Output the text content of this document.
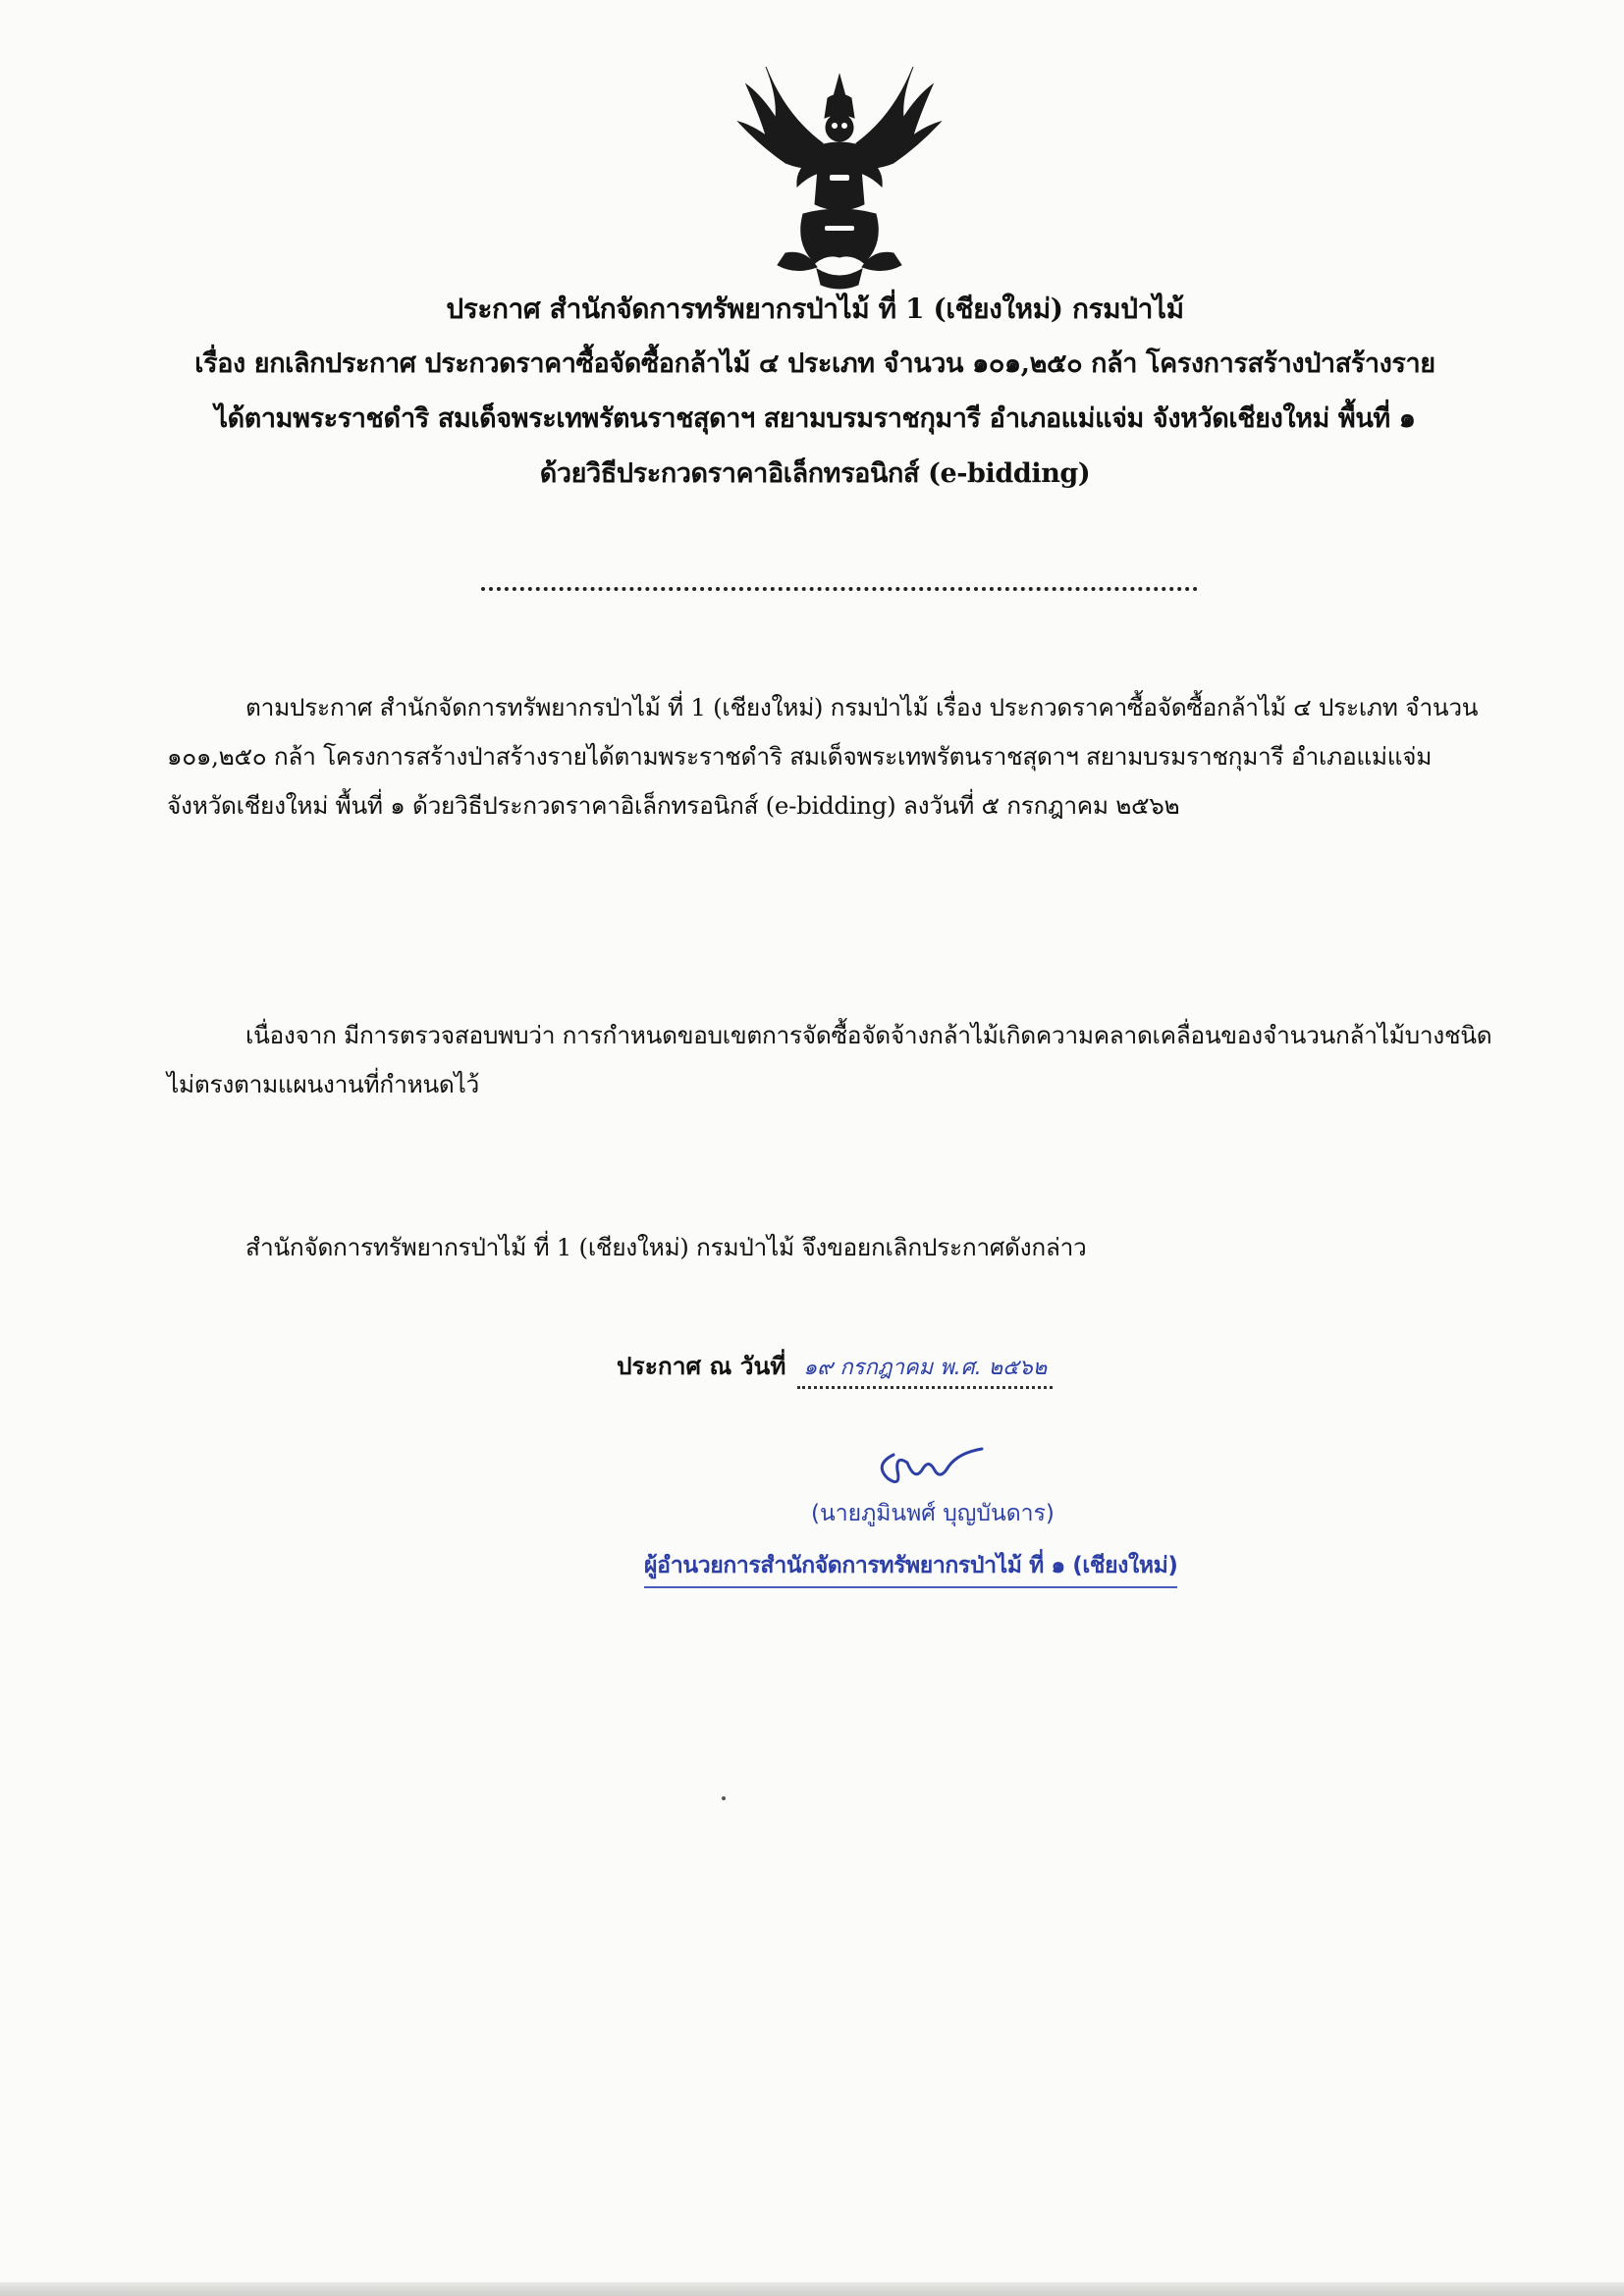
ประกาศ สำนักจัดการทรัพยากรป่าไม้ ที่ 1 (เชียงใหม่) กรมป่าไม้
เรื่อง ยกเลิกประกาศ ประกวดราคาซื้อจัดซื้อกล้าไม้ ๔ ประเภท จำนวน ๑๐๑,๒๕๐ กล้า โครงการสร้างป่าสร้างราย
ได้ตามพระราชดำริ สมเด็จพระเทพรัตนราชสุดาฯ สยามบรมราชกุมารี อำเภอแม่แจ่ม จังหวัดเชียงใหม่ พื้นที่ ๑
ด้วยวิธีประกวดราคาอิเล็กทรอนิกส์ (e-bidding)
ตามประกาศ สำนักจัดการทรัพยากรป่าไม้ ที่ 1 (เชียงใหม่) กรมป่าไม้ เรื่อง ประกวดราคาซื้อจัดซื้อกล้าไม้ ๔ ประเภท จำนวน ๑๐๑,๒๕๐ กล้า โครงการสร้างป่าสร้างรายได้ตามพระราชดำริ สมเด็จพระเทพรัตนราชสุดาฯ สยามบรมราชกุมารี อำเภอแม่แจ่ม จังหวัดเชียงใหม่ พื้นที่ ๑ ด้วยวิธีประกวดราคาอิเล็กทรอนิกส์ (e-bidding) ลงวันที่ ๕ กรกฎาคม ๒๕๖๒
เนื่องจาก มีการตรวจสอบพบว่า การกำหนดขอบเขตการจัดซื้อจัดจ้างกล้าไม้เกิดความคลาดเคลื่อนของจำนวนกล้าไม้บางชนิดไม่ตรงตามแผนงานที่กำหนดไว้
สำนักจัดการทรัพยากรป่าไม้ ที่ 1 (เชียงใหม่) กรมป่าไม้ จึงขอยกเลิกประกาศดังกล่าว
ประกาศ ณ วันที่ ๑๙ กรกฎาคม พ.ศ. ๒๕๖๒
(นายภูมินพศ์ บุญบันดาร)
ผู้อำนวยการสำนักจัดการทรัพยากรป่าไม้ ที่ ๑ (เชียงใหม่)
